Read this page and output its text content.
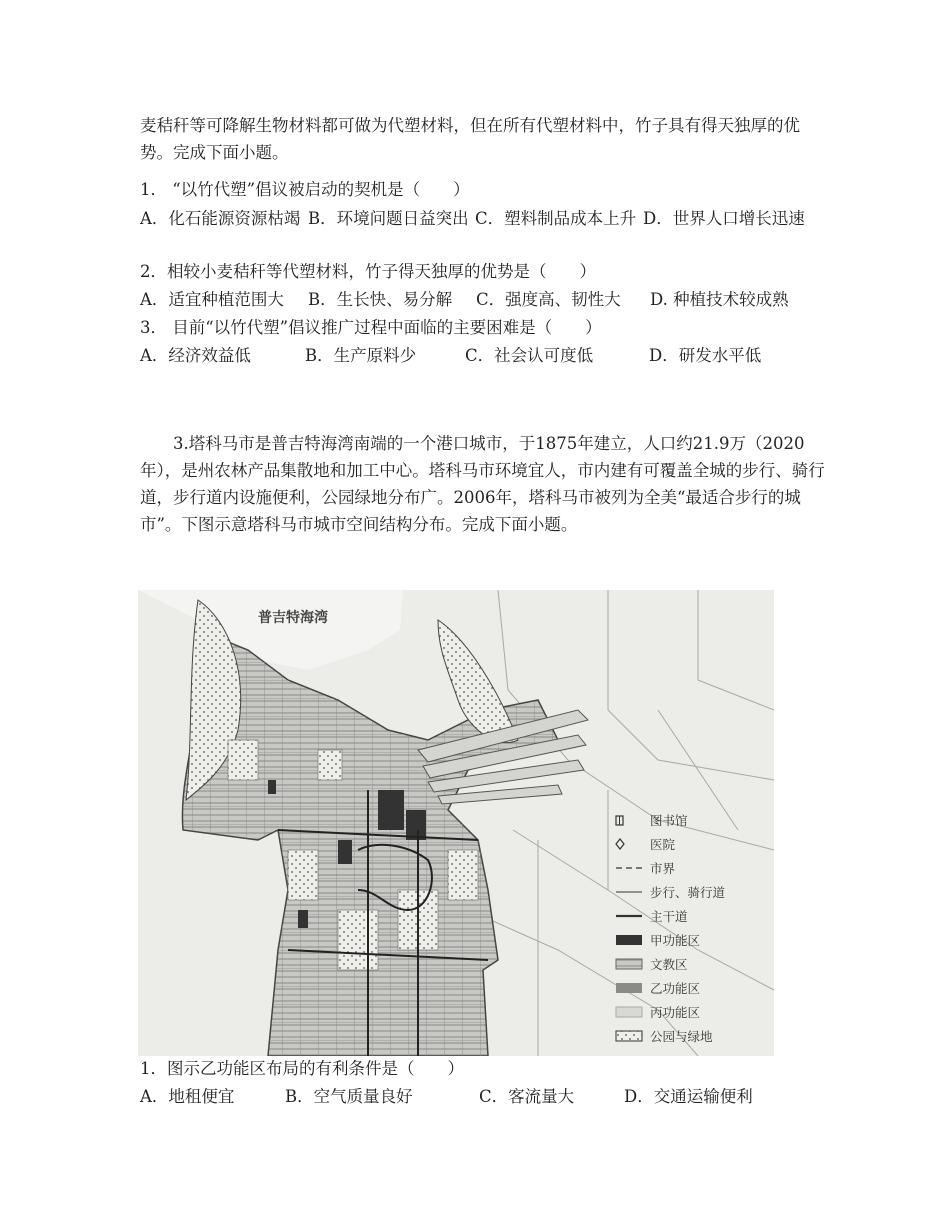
麦秸秆等可降解生物材料都可做为代塑材料，但在所有代塑材料中，竹子具有得天独厚的优势。完成下面小题。
1． “以竹代塑”倡议被启动的契机是（　　）
A．化石能源资源枯竭 B．环境问题日益突出 C．塑料制品成本上升 D．世界人口增长迅速
2．相较小麦秸秆等代塑材料，竹子得天独厚的优势是（　　）
A．适宜种植范围大 B．生长快、易分解 C．强度高、韧性大 D. 种植技术较成熟
3． 目前“以竹代塑”倡议推广过程中面临的主要困难是（　　）
A．经济效益低	B．生产原料少	C．社会认可度低	D．研发水平低
3.塔科马市是普吉特海湾南端的一个港口城市，于1875年建立，人口约21.9万（2020年），是州农林产品集散地和加工中心。塔科马市环境宜人，市内建有可覆盖全城的步行、骑行道，步行道内设施便利，公园绿地分布广。2006年，塔科马市被列为全美“最适合步行的城市”。下图示意塔科马市城市空间结构分布。完成下面小题。
普吉特海湾
图书馆
医院
市界
步行、骑行道
主干道
甲功能区
文教区
乙功能区
丙功能区
公园与绿地
1．图示乙功能区布局的有利条件是（　　）
A．地租便宜	B．空气质量良好	C．客流量大	D．交通运输便利
